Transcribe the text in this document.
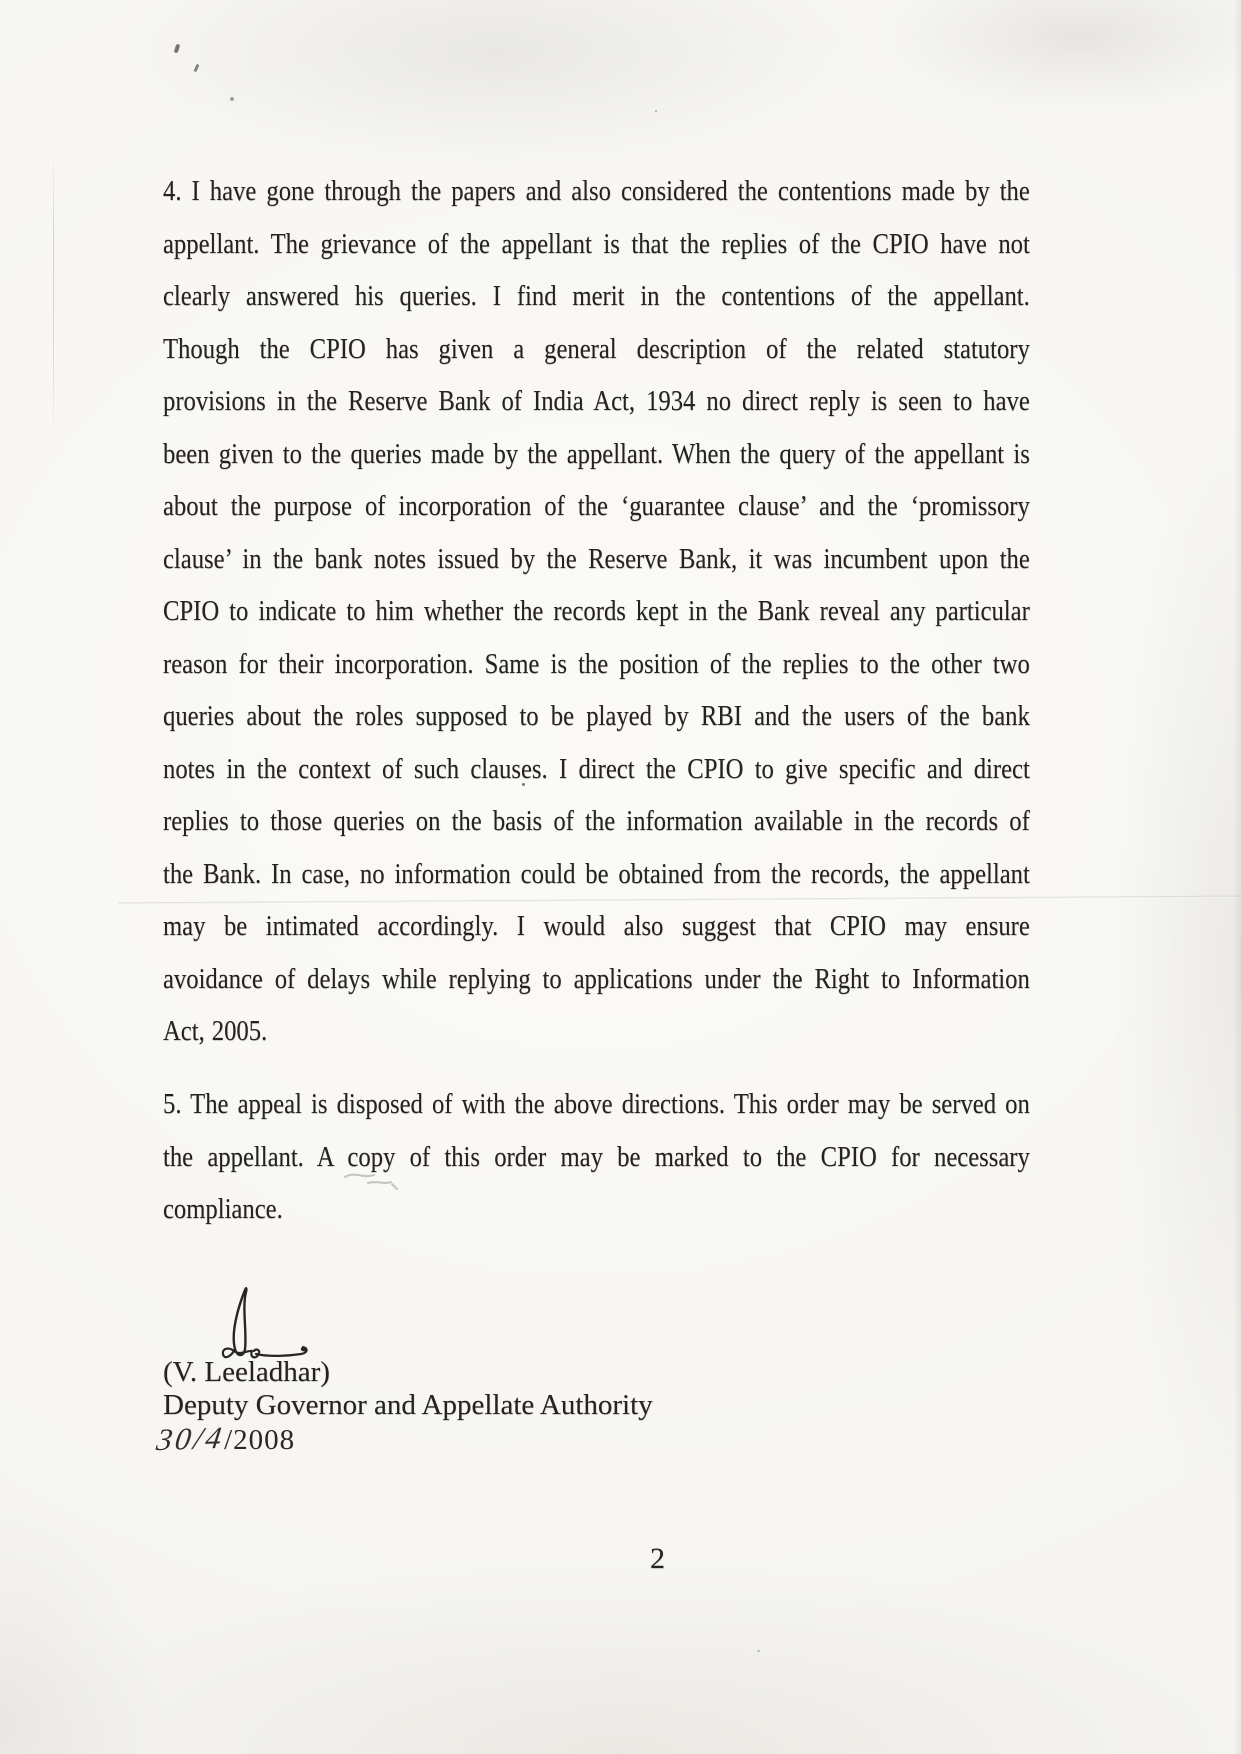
4. I have gone through the papers and also considered the contentions made by the
appellant. The grievance of the appellant is that the replies of the CPIO have not
clearly answered his queries. I find merit in the contentions of the appellant.
Though the CPIO has given a general description of the related statutory
provisions in the Reserve Bank of India Act, 1934 no direct reply is seen to have
been given to the queries made by the appellant. When the query of the appellant is
about the purpose of incorporation of the ‘guarantee clause’ and the ‘promissory
clause’ in the bank notes issued by the Reserve Bank, it was incumbent upon the
CPIO to indicate to him whether the records kept in the Bank reveal any particular
reason for their incorporation. Same is the position of the replies to the other two
queries about the roles supposed to be played by RBI and the users of the bank
notes in the context of such clauses. I direct the CPIO to give specific and direct
replies to those queries on the basis of the information available in the records of
the Bank. In case, no information could be obtained from the records, the appellant
may be intimated accordingly. I would also suggest that CPIO may ensure
avoidance of delays while replying to applications under the Right to Information
Act, 2005.
5. The appeal is disposed of with the above directions. This order may be served on
the appellant. A copy of this order may be marked to the CPIO for necessary
compliance.
(V. Leeladhar)
Deputy Governor and Appellate Authority
30/4/2008
2
